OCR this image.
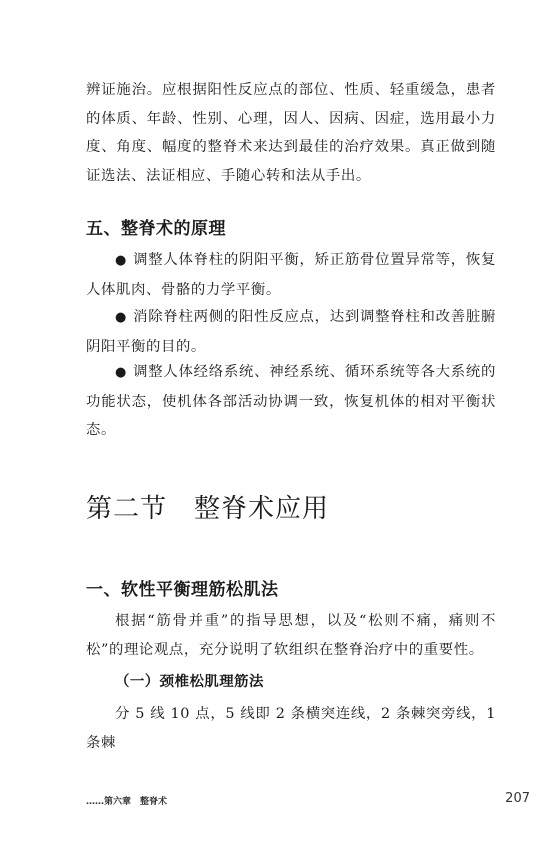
辨证施治。应根据阳性反应点的部位、性质、轻重缓急，患者的体质、年龄、性别、心理，因人、因病、因症，选用最小力度、角度、幅度的整脊术来达到最佳的治疗效果。真正做到随证选法、法证相应、手随心转和法从手出。

五、整脊术的原理

● 调整人体脊柱的阴阳平衡，矫正筋骨位置异常等，恢复人体肌肉、骨骼的力学平衡。

● 消除脊柱两侧的阳性反应点，达到调整脊柱和改善脏腑阴阳平衡的目的。

● 调整人体经络系统、神经系统、循环系统等各大系统的功能状态，使机体各部活动协调一致，恢复机体的相对平衡状态。

第二节　整脊术应用
一、软性平衡理筋松肌法

根据“筋骨并重”的指导思想，以及“松则不痛，痛则不松”的理论观点，充分说明了软组织在整脊治疗中的重要性。

（一）颈椎松肌理筋法

分 5 线 10 点，5 线即 2 条横突连线，2 条棘突旁线，1 条棘

……第六章　整脊术	207
